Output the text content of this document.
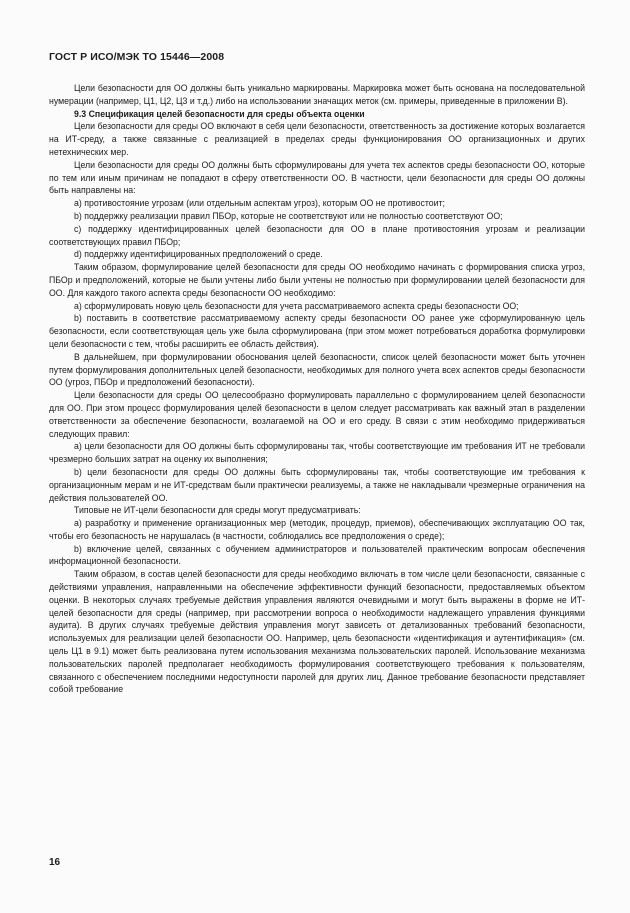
ГОСТ Р ИСО/МЭК ТО 15446—2008

Цели безопасности для ОО должны быть уникально маркированы. Маркировка может быть основана на последовательной нумерации (например, Ц1, Ц2, Ц3 и т.д.) либо на использовании значащих меток (см. примеры, приведенные в приложении В).

9.3 Спецификация целей безопасности для среды объекта оценки

Цели безопасности для среды ОО включают в себя цели безопасности, ответственность за достижение которых возлагается на ИТ-среду, а также связанные с реализацией в пределах среды функционирования ОО организационных и других нетехнических мер.

Цели безопасности для среды ОО должны быть сформулированы для учета тех аспектов среды безопасности ОО, которые по тем или иным причинам не попадают в сферу ответственности ОО. В частности, цели безопасности для среды ОО должны быть направлены на:

а) противостояние угрозам (или отдельным аспектам угроз), которым ОО не противостоит;

b) поддержку реализации правил ПБОр, которые не соответствуют или не полностью соответствуют ОО;

c) поддержку идентифицированных целей безопасности для ОО в плане противостояния угрозам и реализации соответствующих правил ПБОр;

d) поддержку идентифицированных предположений о среде.

Таким образом, формулирование целей безопасности для среды ОО необходимо начинать с формирования списка угроз, ПБОр и предположений, которые не были учтены либо были учтены не полностью при формулировании целей безопасности для ОО. Для каждого такого аспекта среды безопасности ОО необходимо:

а) сформулировать новую цель безопасности для учета рассматриваемого аспекта среды безопасности ОО;

b) поставить в соответствие рассматриваемому аспекту среды безопасности ОО ранее уже сформулированную цель безопасности, если соответствующая цель уже была сформулирована (при этом может потребоваться доработка формулировки цели безопасности с тем, чтобы расширить ее область действия).

В дальнейшем, при формулировании обоснования целей безопасности, список целей безопасности может быть уточнен путем формулирования дополнительных целей безопасности, необходимых для полного учета всех аспектов среды безопасности ОО (угроз, ПБОр и предположений безопасности).

Цели безопасности для среды ОО целесообразно формулировать параллельно с формулированием целей безопасности для ОО. При этом процесс формулирования целей безопасности в целом следует рассматривать как важный этап в разделении ответственности за обеспечение безопасности, возлагаемой на ОО и его среду. В связи с этим необходимо придерживаться следующих правил:

а) цели безопасности для ОО должны быть сформулированы так, чтобы соответствующие им требования ИТ не требовали чрезмерно больших затрат на оценку их выполнения;

b) цели безопасности для среды ОО должны быть сформулированы так, чтобы соответствующие им требования к организационным мерам и не ИТ-средствам были практически реализуемы, а также не накладывали чрезмерные ограничения на действия пользователей ОО.

Типовые не ИТ-цели безопасности для среды могут предусматривать:

а) разработку и применение организационных мер (методик, процедур, приемов), обеспечивающих эксплуатацию ОО так, чтобы его безопасность не нарушалась (в частности, соблюдались все предположения о среде);

b) включение целей, связанных с обучением администраторов и пользователей практическим вопросам обеспечения информационной безопасности.

Таким образом, в состав целей безопасности для среды необходимо включать в том числе цели безопасности, связанные с действиями управления, направленными на обеспечение эффективности функций безопасности, предоставляемых объектом оценки. В некоторых случаях требуемые действия управления являются очевидными и могут быть выражены в форме не ИТ-целей безопасности для среды (например, при рассмотрении вопроса о необходимости надлежащего управления функциями аудита). В других случаях требуемые действия управления могут зависеть от детализованных требований безопасности, используемых для реализации целей безопасности ОО. Например, цель безопасности «идентификация и аутентификация» (см. цель Ц1 в 9.1) может быть реализована путем использования механизма пользовательских паролей. Использование механизма пользовательских паролей предполагает необходимость формулирования соответствующего требования к пользователям, связанного с обеспечением последними недоступности паролей для других лиц. Данное требование безопасности представляет собой требование

16
